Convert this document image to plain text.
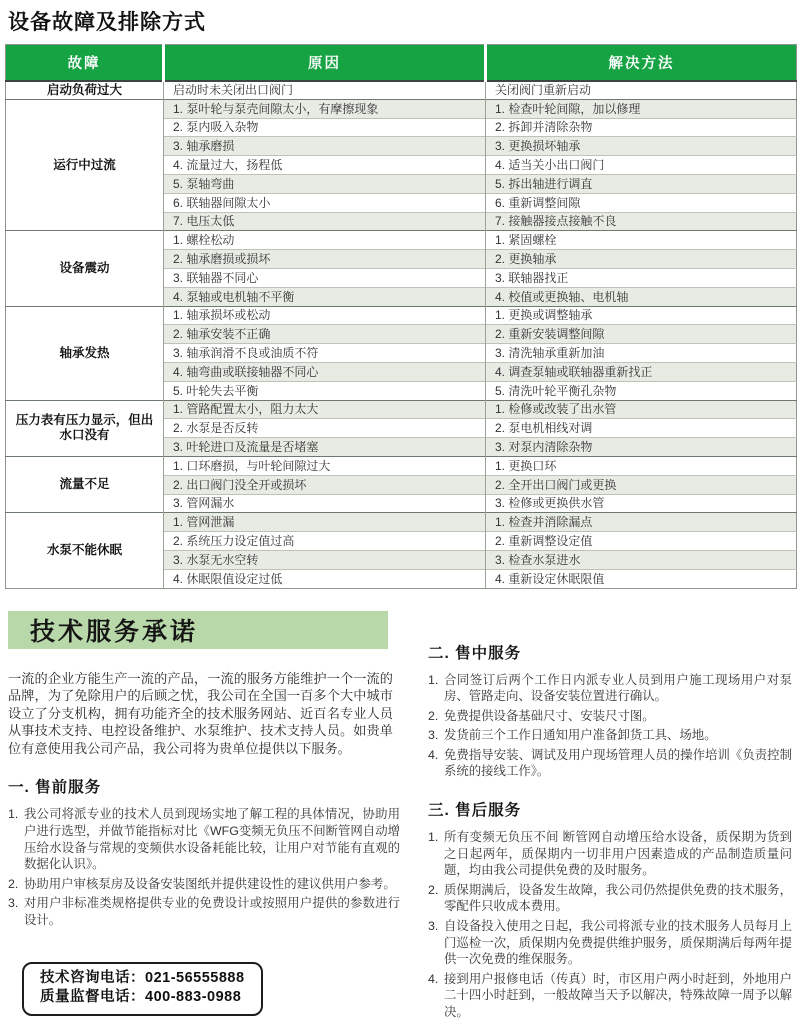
设备故障及排除方式
故障	原因	解决方法
启动负荷过大	启动时未关闭出口阀门	关闭阀门重新启动
运行中过流	1. 泵叶轮与泵壳间隙太小，有摩擦现象	1. 检查叶轮间隙，加以修理
	2. 泵内吸入杂物	2. 拆卸并清除杂物
	3. 轴承磨损	3. 更换损坏轴承
	4. 流量过大，扬程低	4. 适当关小出口阀门
	5. 泵轴弯曲	5. 拆出轴进行调直
	6. 联轴器间隙太小	6. 重新调整间隙
	7. 电压太低	7. 接触器接点接触不良
设备震动	1. 螺栓松动	1. 紧固螺栓
	2. 轴承磨损或损坏	2. 更换轴承
	3. 联轴器不同心	3. 联轴器找正
	4. 泵轴或电机轴不平衡	4. 校值或更换轴、电机轴
轴承发热	1. 轴承损坏或松动	1. 更换或调整轴承
	2. 轴承安装不正确	2. 重新安装调整间隙
	3. 轴承润滑不良或油质不符	3. 清洗轴承重新加油
	4. 轴弯曲或联接轴器不同心	4. 调查泵轴或联轴器重新找正
	5. 叶轮失去平衡	5. 清洗叶轮平衡孔杂物
压力表有压力显示，但出水口没有	1. 管路配置太小，阻力太大	1. 检修或改装了出水管
	2. 水泵是否反转	2. 泵电机相线对调
	3. 叶轮进口及流量是否堵塞	3. 对泵内清除杂物
流量不足	1. 口环磨损，与叶轮间隙过大	1. 更换口环
	2. 出口阀门没全开或损坏	2. 全开出口阀门或更换
	3. 管网漏水	3. 检修或更换供水管
水泵不能休眠	1. 管网泄漏	1. 检查并消除漏点
	2. 系统压力设定值过高	2. 重新调整设定值
	3. 水泵无水空转	3. 检查水泵进水
	4. 休眠限值设定过低	4. 重新设定休眠限值
技术服务承诺

一流的企业方能生产一流的产品，一流的服务方能维护一个一流的品牌，为了免除用户的后顾之忧，我公司在全国一百多个大中城市设立了分支机构，拥有功能齐全的技术服务网站、近百名专业人员从事技术支持、电控设备维护、水泵维护、技术支持人员。如贵单位有意使用我公司产品，我公司将为贵单位提供以下服务。

一. 售前服务
1. 我公司将派专业的技术人员到现场实地了解工程的具体情况，协助用户进行选型，并做节能指标对比《WFG变频无负压不间断管网自动增压给水设备与常规的变频供水设备耗能比较，让用户对节能有直观的数据化认识》。
2. 协助用户审核泵房及设备安装图纸并提供建设性的建议供用户参考。
3. 对用户非标准类规格提供专业的免费设计或按照用户提供的参数进行设计。
技术咨询电话：021-56555888
质量监督电话：400-883-0988
二. 售中服务
1. 合同签订后两个工作日内派专业人员到用户施工现场用户对泵房、管路走向、设备安装位置进行确认。
2. 免费提供设备基础尺寸、安装尺寸图。
3. 发货前三个工作日通知用户准备卸货工具、场地。
4. 免费指导安装、调试及用户现场管理人员的操作培训《负责控制系统的接线工作》。
三. 售后服务
1. 所有变频无负压不间 断管网自动增压给水设备，质保期为货到之日起两年，质保期内一切非用户因素造成的产品制造质量问题，均由我公司提供免费的及时服务。
2. 质保期满后，设备发生故障，我公司仍然提供免费的技术服务，零配件只收成本费用。
3. 自设备投入使用之日起，我公司将派专业的技术服务人员每月上门巡检一次，质保期内免费提供维护服务，质保期满后每两年提供一次免费的维保服务。
4. 接到用户报修电话（传真）时，市区用户两小时赶到，外地用户二十四小时赶到，一般故障当天予以解决，特殊故障一周予以解决。
